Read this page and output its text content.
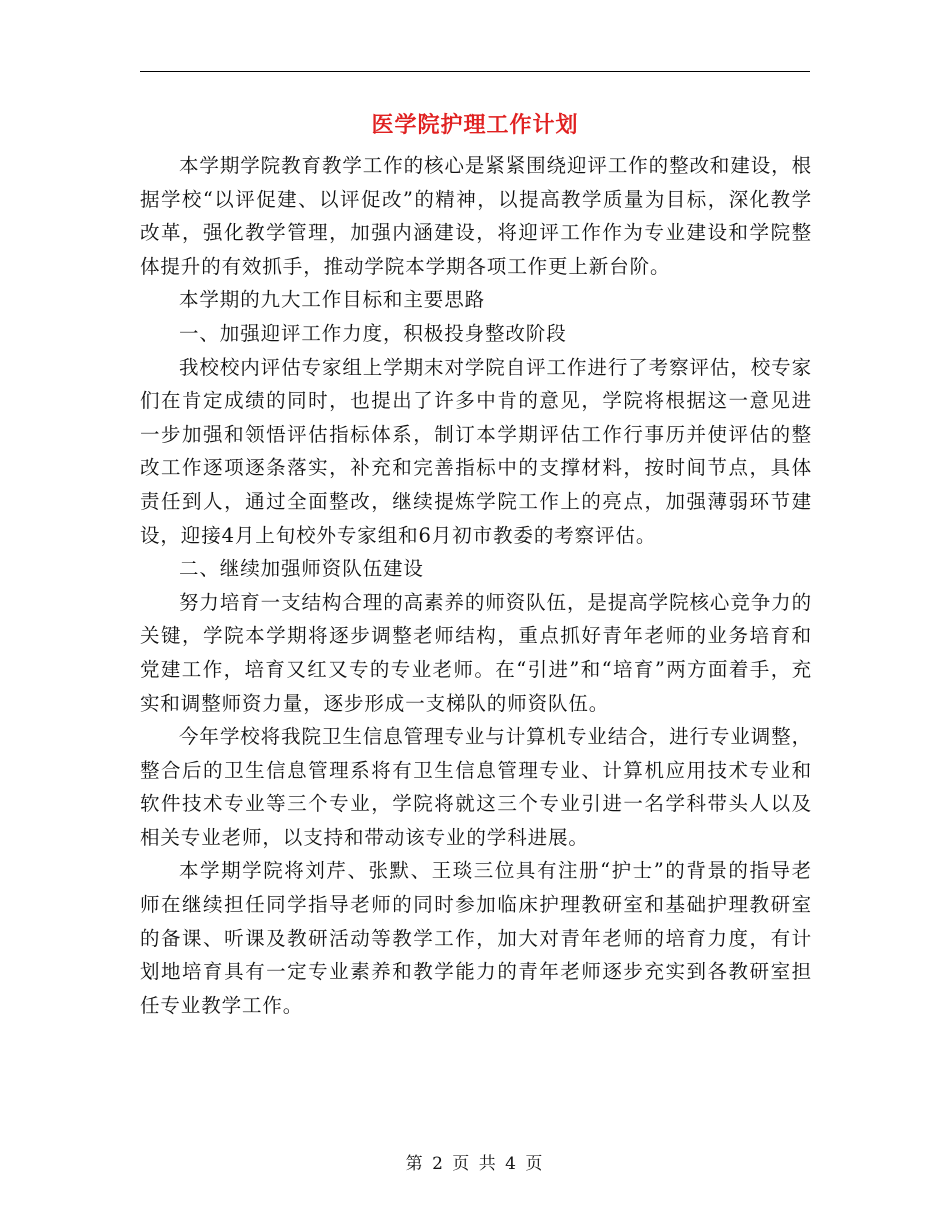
医学院护理工作计划

本学期学院教育教学工作的核心是紧紧围绕迎评工作的整改和建设，根据学校“以评促建、以评促改”的精神，以提高教学质量为目标，深化教学改革，强化教学管理，加强内涵建设，将迎评工作作为专业建设和学院整体提升的有效抓手，推动学院本学期各项工作更上新台阶。

本学期的九大工作目标和主要思路

一、加强迎评工作力度，积极投身整改阶段

我校校内评估专家组上学期末对学院自评工作进行了考察评估，校专家们在肯定成绩的同时，也提出了许多中肯的意见，学院将根据这一意见进一步加强和领悟评估指标体系，制订本学期评估工作行事历并使评估的整改工作逐项逐条落实，补充和完善指标中的支撑材料，按时间节点，具体责任到人，通过全面整改，继续提炼学院工作上的亮点，加强薄弱环节建设，迎接4月上旬校外专家组和6月初市教委的考察评估。

二、继续加强师资队伍建设

努力培育一支结构合理的高素养的师资队伍，是提高学院核心竞争力的关键，学院本学期将逐步调整老师结构，重点抓好青年老师的业务培育和党建工作，培育又红又专的专业老师。在“引进”和“培育”两方面着手，充实和调整师资力量，逐步形成一支梯队的师资队伍。

今年学校将我院卫生信息管理专业与计算机专业结合，进行专业调整，整合后的卫生信息管理系将有卫生信息管理专业、计算机应用技术专业和软件技术专业等三个专业，学院将就这三个专业引进一名学科带头人以及相关专业老师，以支持和带动该专业的学科进展。

本学期学院将刘芹、张默、王琰三位具有注册“护士”的背景的指导老师在继续担任同学指导老师的同时参加临床护理教研室和基础护理教研室的备课、听课及教研活动等教学工作，加大对青年老师的培育力度，有计划地培育具有一定专业素养和教学能力的青年老师逐步充实到各教研室担任专业教学工作。

第 2 页 共 4 页
